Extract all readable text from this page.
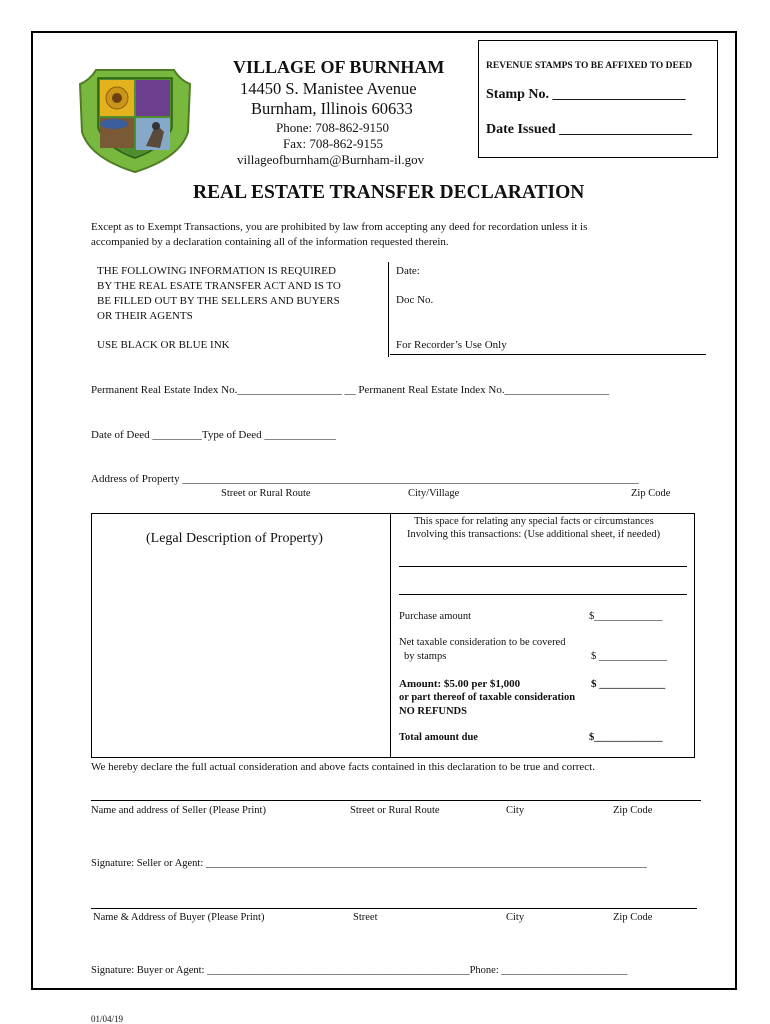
VILLAGE OF BURNHAM
14450 S. Manistee Avenue
Burnham, Illinois 60633
Phone: 708-862-9150
Fax: 708-862-9155
villageofburnham@Burnham-il.gov
REVENUE STAMPS TO BE AFFIXED TO DEED
Stamp No. ___________________
Date Issued ___________________
REAL ESTATE TRANSFER DECLARATION
Except as to Exempt Transactions, you are prohibited by law from accepting any deed for recordation unless it is
accompanied by a declaration containing all of the information requested therein.
THE FOLLOWING INFORMATION IS REQUIRED
BY THE REAL ESATE TRANSFER ACT AND IS TO
BE FILLED OUT BY THE SELLERS AND BUYERS
OR THEIR AGENTS
USE BLACK OR BLUE INK
Date:
Doc No.
For Recorder’s Use Only
Permanent Real Estate Index No.___________________ __ Permanent Real Estate Index No.___________________
Date of Deed _________Type of Deed _____________
Address of Property ___________________________________________________________________________________
Street or Rural Route	City/Village	Zip Code
(Legal Description of Property)
This space for relating any special facts or circumstances
Involving this transactions: (Use additional sheet, if needed)
Purchase amount	$_____________
Net taxable consideration to be covered
by stamps	$ _____________
Amount: $5.00 per $1,000	$ ____________
or part thereof of taxable consideration
NO REFUNDS
Total amount due	$_____________
We hereby declare the full actual consideration and above facts contained in this declaration to be true and correct.
Name and address of Seller (Please Print)	Street or Rural Route	City	Zip Code
Signature: Seller or Agent: ____________________________________________________________________________________
Name & Address of Buyer (Please Print)	Street	City	Zip Code
Signature: Buyer or Agent: __________________________________________________Phone: ________________________
01/04/19
